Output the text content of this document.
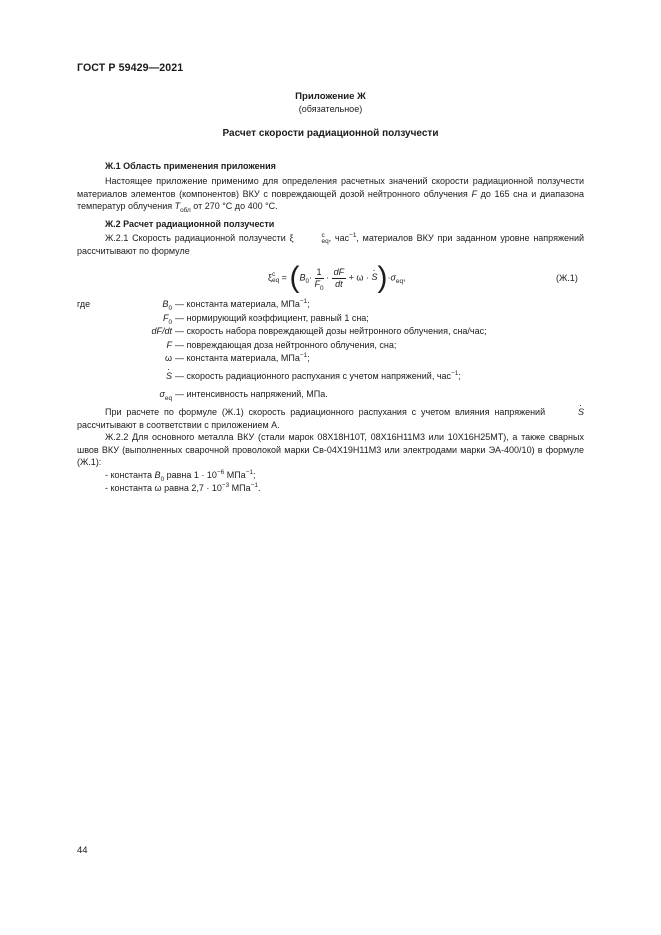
ГОСТ Р 59429—2021
Приложение Ж
(обязательное)
Расчет скорости радиационной ползучести
Ж.1 Область применения приложения
Настоящее приложение применимо для определения расчетных значений скорости радиационной ползучести материалов элементов (компонентов) ВКУ с повреждающей дозой нейтронного облучения F до 165 сна и диапазона температур облучения $T_{обл}$ от 270 °С до 400 °С.
Ж.2 Расчет радиационной ползучести
Ж.2.1 Скорость радиационной ползучести ξ	c
eq , час$^{-1}$, материалов ВКУ при заданном уровне напряжений рассчитывают по формуле
ξ c
eq = ($B_0\cdot \frac{1}{F_0} \cdot \frac{dF}{dt} + \omega$ · · $S)\cdot\sigma_{eq}$,	(Ж.1)
где	$B_0$ — константа материала, МПа$^{-1}$;
$F_0$ — нормирующий коэффициент, равный 1 сна;
dF/dt — скорость набора повреждающей дозы нейтронного облучения, сна/час;
F — повреждающая доза нейтронного облучения, сна;
ω — константа материала, МПа$^{-1}$;
· S — скорость радиационного распухания с учетом напряжений, час$^{-1}$;
$\sigma_{eq}$ — интенсивность напряжений, МПа.
При расчете по формуле (Ж.1) скорость радиационного распухания с учетом влияния напряжений	· S рассчитывают в соответствии с приложением А.
Ж.2.2 Для основного металла ВКУ (стали марок 08Х18Н10Т, 08Х16Н11М3 или 10Х16Н25МТ), а также сварных швов ВКУ (выполненных сварочной проволокой марки Св-04Х19Н11М3 или электродами марки ЭА-400/10) в формуле (Ж.1):
- константа $B_0$ равна $1 \cdot 10^{-6}$ МПа$^{-1}$;
- константа ω равна $2,7 \cdot 10^{-3}$ МПа$^{-1}$.
44
